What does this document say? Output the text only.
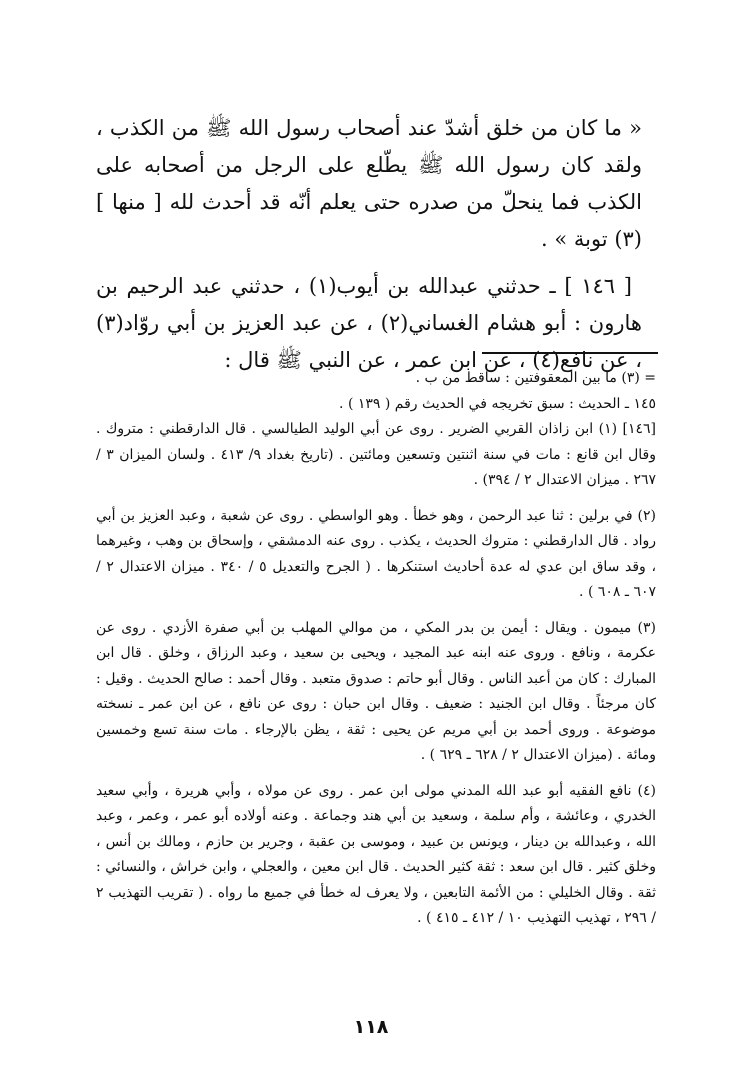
« ما كان من خلق أشدّ عند أصحاب رسول الله ﷺ من الكذب ، ولقد كان رسول الله ﷺ يطّلع على الرجل من أصحابه على الكذب فما ينحلّ من صدره حتى يعلم أنّه قد أحدث لله [ منها ](٣) توبة » .

[ ١٤٦ ] ـ حدثني عبدالله بن أيوب(١) ، حدثني عبد الرحيم بن هارون : أبو هشام الغساني(٢) ، عن عبد العزيز بن أبي روّاد(٣) ، عن نافع(٤) ، عن ابن عمر ، عن النبي ﷺ قال :

= (٣) ما بين المعقوفتين : ساقط من ب .

١٤٥ ـ الحديث : سبق تخريجه في الحديث رقم ( ١٣٩ ) .

[١٤٦] (١) ابن زاذان القربي الضرير . روى عن أبي الوليد الطيالسي . قال الدارقطني : متروك . وقال ابن قانع : مات في سنة اثنتين وتسعين ومائتين . (تاريخ بغداد ٩/ ٤١٣ . ولسان الميزان ٣ / ٢٦٧ . ميزان الاعتدال ٢ / ٣٩٤) .

(٢) في برلين : ثنا عبد الرحمن ، وهو خطأ . وهو الواسطي . روى عن شعبة ، وعبد العزيز بن أبي رواد . قال الدارقطني : متروك الحديث ، يكذب . روى عنه الدمشقي ، وإسحاق بن وهب ، وغيرهما ، وقد ساق ابن عدي له عدة أحاديث استنكرها . ( الجرح والتعديل ٥ / ٣٤٠ . ميزان الاعتدال ٢ / ٦٠٧ ـ ٦٠٨ ) .

(٣) ميمون . ويقال : أيمن بن بدر المكي ، من موالي المهلب بن أبي صفرة الأزدي . روى عن عكرمة ، ونافع . وروى عنه ابنه عبد المجيد ، ويحيى بن سعيد ، وعبد الرزاق ، وخلق . قال ابن المبارك : كان من أعبد الناس . وقال أبو حاتم : صدوق متعبد . وقال أحمد : صالح الحديث . وقيل : كان مرجئاً . وقال ابن الجنيد : ضعيف . وقال ابن حبان : روى عن نافع ، عن ابن عمر ـ نسخته موضوعة . وروى أحمد بن أبي مريم عن يحيى : ثقة ، يظن بالإرجاء . مات سنة تسع وخمسين ومائة . (ميزان الاعتدال ٢ / ٦٢٨ ـ ٦٢٩ ) .

(٤) نافع الفقيه أبو عبد الله المدني مولى ابن عمر . روى عن مولاه ، وأبي هريرة ، وأبي سعيد الخدري ، وعائشة ، وأم سلمة ، وسعيد بن أبي هند وجماعة . وعنه أولاده أبو عمر ، وعمر ، وعبد الله ، وعبدالله بن دينار ، ويونس بن عبيد ، وموسى بن عقبة ، وجرير بن حازم ، ومالك بن أنس ، وخلق كثير . قال ابن سعد : ثقة كثير الحديث . قال ابن معين ، والعجلي ، وابن خراش ، والنسائي : ثقة . وقال الخليلي : من الأئمة التابعين ، ولا يعرف له خطأ في جميع ما رواه . ( تقريب التهذيب ٢ / ٢٩٦ ، تهذيب التهذيب ١٠ / ٤١٢ ـ ٤١٥ ) .

١١٨
